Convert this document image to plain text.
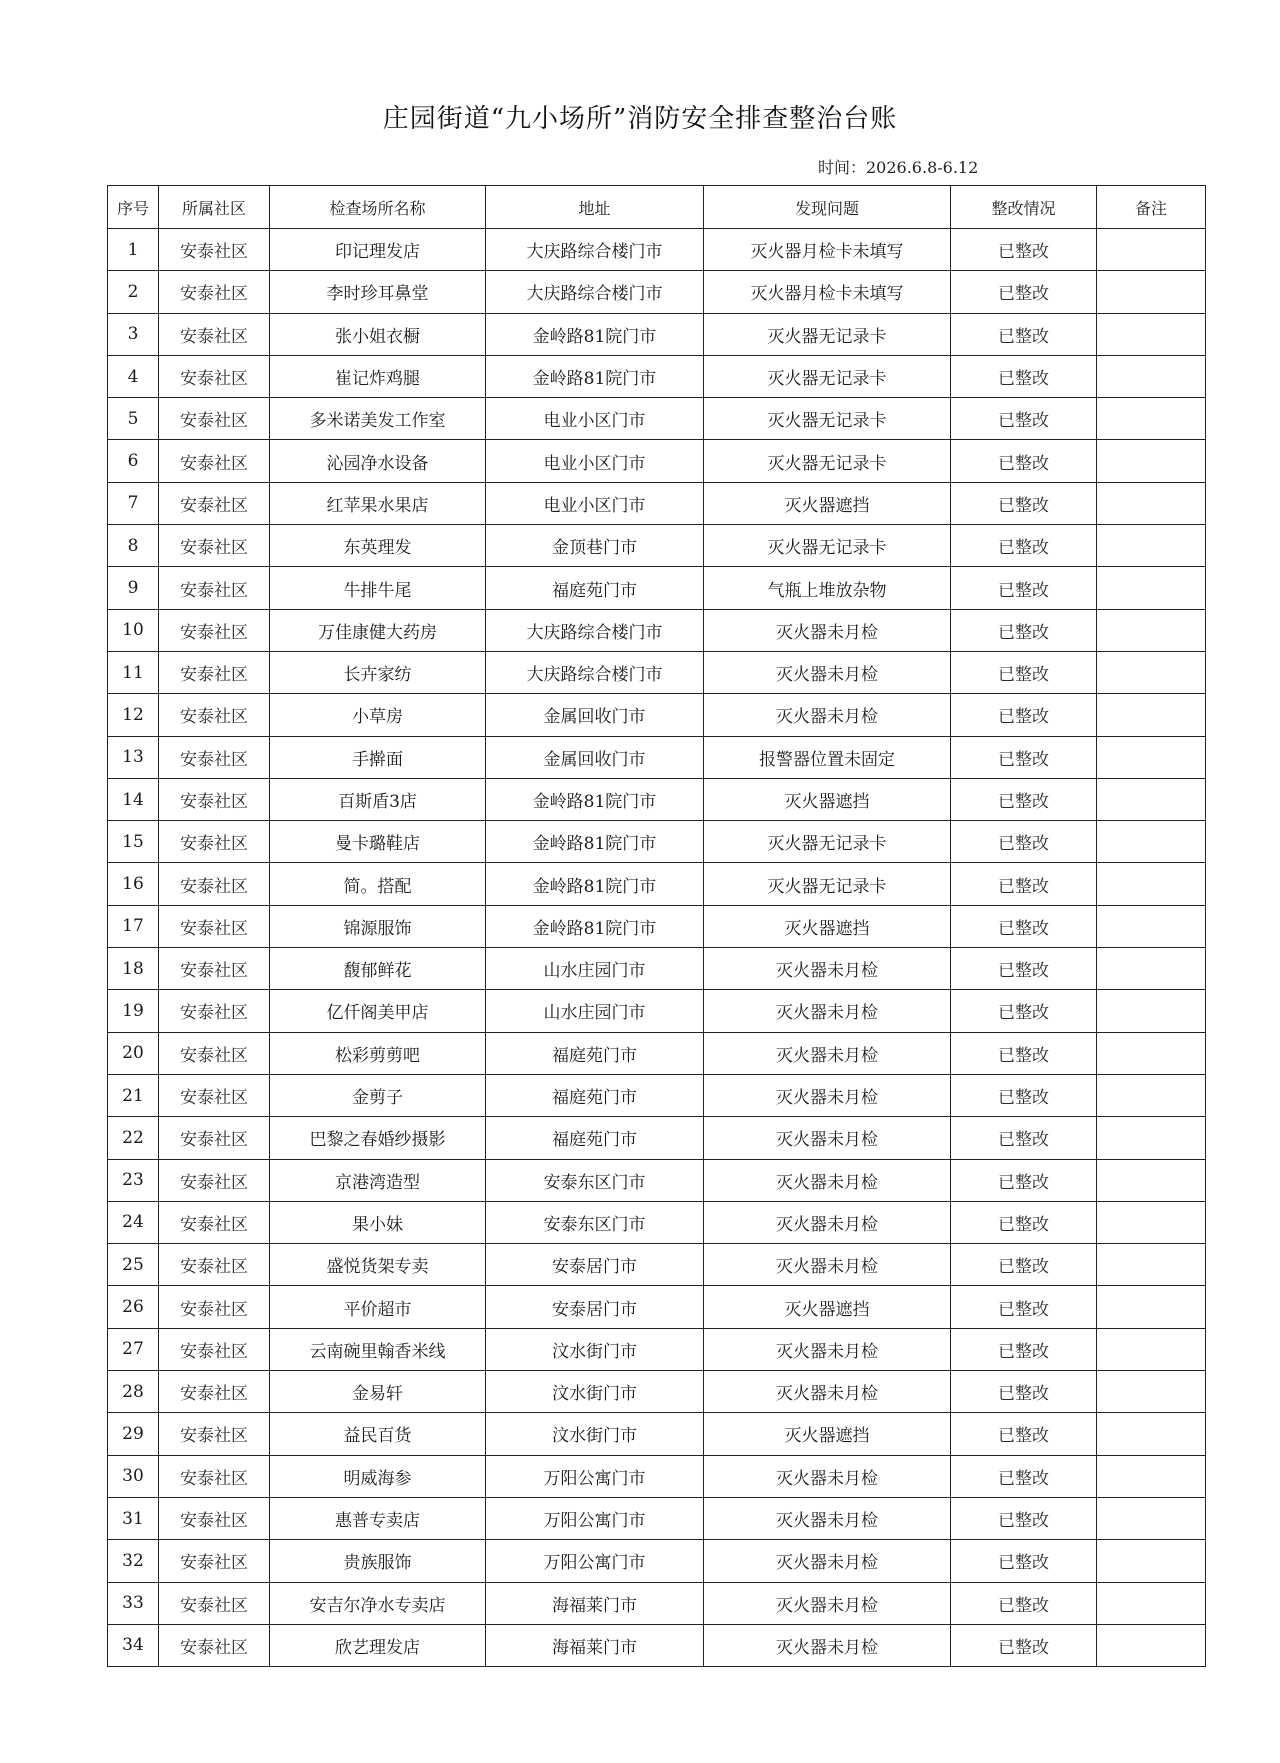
庄园街道“九小场所”消防安全排查整治台账
时间：2026.6.8-6.12
序号	所属社区	检查场所名称	地址	发现问题	整改情况	备注
1	安泰社区	印记理发店	大庆路综合楼门市	灭火器月检卡未填写	已整改	
2	安泰社区	李时珍耳鼻堂	大庆路综合楼门市	灭火器月检卡未填写	已整改	
3	安泰社区	张小姐衣橱	金岭路81院门市	灭火器无记录卡	已整改	
4	安泰社区	崔记炸鸡腿	金岭路81院门市	灭火器无记录卡	已整改	
5	安泰社区	多米诺美发工作室	电业小区门市	灭火器无记录卡	已整改	
6	安泰社区	沁园净水设备	电业小区门市	灭火器无记录卡	已整改	
7	安泰社区	红苹果水果店	电业小区门市	灭火器遮挡	已整改	
8	安泰社区	东英理发	金顶巷门市	灭火器无记录卡	已整改	
9	安泰社区	牛排牛尾	福庭苑门市	气瓶上堆放杂物	已整改	
10	安泰社区	万佳康健大药房	大庆路综合楼门市	灭火器未月检	已整改	
11	安泰社区	长卉家纺	大庆路综合楼门市	灭火器未月检	已整改	
12	安泰社区	小草房	金属回收门市	灭火器未月检	已整改	
13	安泰社区	手擀面	金属回收门市	报警器位置未固定	已整改	
14	安泰社区	百斯盾3店	金岭路81院门市	灭火器遮挡	已整改	
15	安泰社区	曼卡璐鞋店	金岭路81院门市	灭火器无记录卡	已整改	
16	安泰社区	简。搭配	金岭路81院门市	灭火器无记录卡	已整改	
17	安泰社区	锦源服饰	金岭路81院门市	灭火器遮挡	已整改	
18	安泰社区	馥郁鲜花	山水庄园门市	灭火器未月检	已整改	
19	安泰社区	亿仟阁美甲店	山水庄园门市	灭火器未月检	已整改	
20	安泰社区	松彩剪剪吧	福庭苑门市	灭火器未月检	已整改	
21	安泰社区	金剪子	福庭苑门市	灭火器未月检	已整改	
22	安泰社区	巴黎之春婚纱摄影	福庭苑门市	灭火器未月检	已整改	
23	安泰社区	京港湾造型	安泰东区门市	灭火器未月检	已整改	
24	安泰社区	果小妹	安泰东区门市	灭火器未月检	已整改	
25	安泰社区	盛悦货架专卖	安泰居门市	灭火器未月检	已整改	
26	安泰社区	平价超市	安泰居门市	灭火器遮挡	已整改	
27	安泰社区	云南碗里翰香米线	汶水街门市	灭火器未月检	已整改	
28	安泰社区	金易轩	汶水街门市	灭火器未月检	已整改	
29	安泰社区	益民百货	汶水街门市	灭火器遮挡	已整改	
30	安泰社区	明威海参	万阳公寓门市	灭火器未月检	已整改	
31	安泰社区	惠普专卖店	万阳公寓门市	灭火器未月检	已整改	
32	安泰社区	贵族服饰	万阳公寓门市	灭火器未月检	已整改	
33	安泰社区	安吉尔净水专卖店	海福莱门市	灭火器未月检	已整改	
34	安泰社区	欣艺理发店	海福莱门市	灭火器未月检	已整改	
